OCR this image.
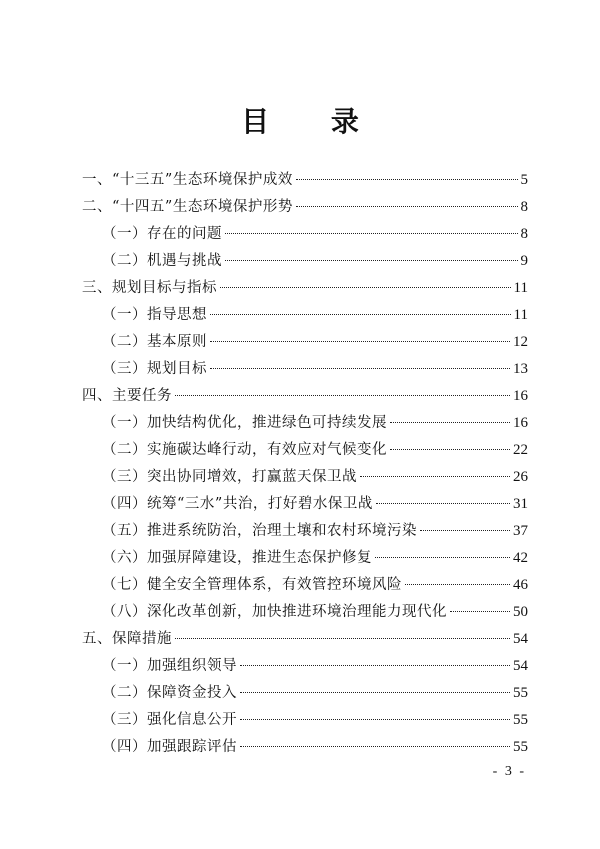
目 录
一、“十三五”生态环境保护成效	5
二、“十四五”生态环境保护形势	8
（一）存在的问题	8
（二）机遇与挑战	9
三、规划目标与指标	11
（一）指导思想	11
（二）基本原则	12
（三）规划目标	13
四、主要任务	16
（一）加快结构优化，推进绿色可持续发展	16
（二）实施碳达峰行动，有效应对气候变化	22
（三）突出协同增效，打赢蓝天保卫战	26
（四）统筹“三水”共治，打好碧水保卫战	31
（五）推进系统防治，治理土壤和农村环境污染	37
（六）加强屏障建设，推进生态保护修复	42
（七）健全安全管理体系，有效管控环境风险	46
（八）深化改革创新，加快推进环境治理能力现代化	50
五、保障措施	54
（一）加强组织领导	54
（二）保障资金投入	55
（三）强化信息公开	55
（四）加强跟踪评估	55
- 3 -
